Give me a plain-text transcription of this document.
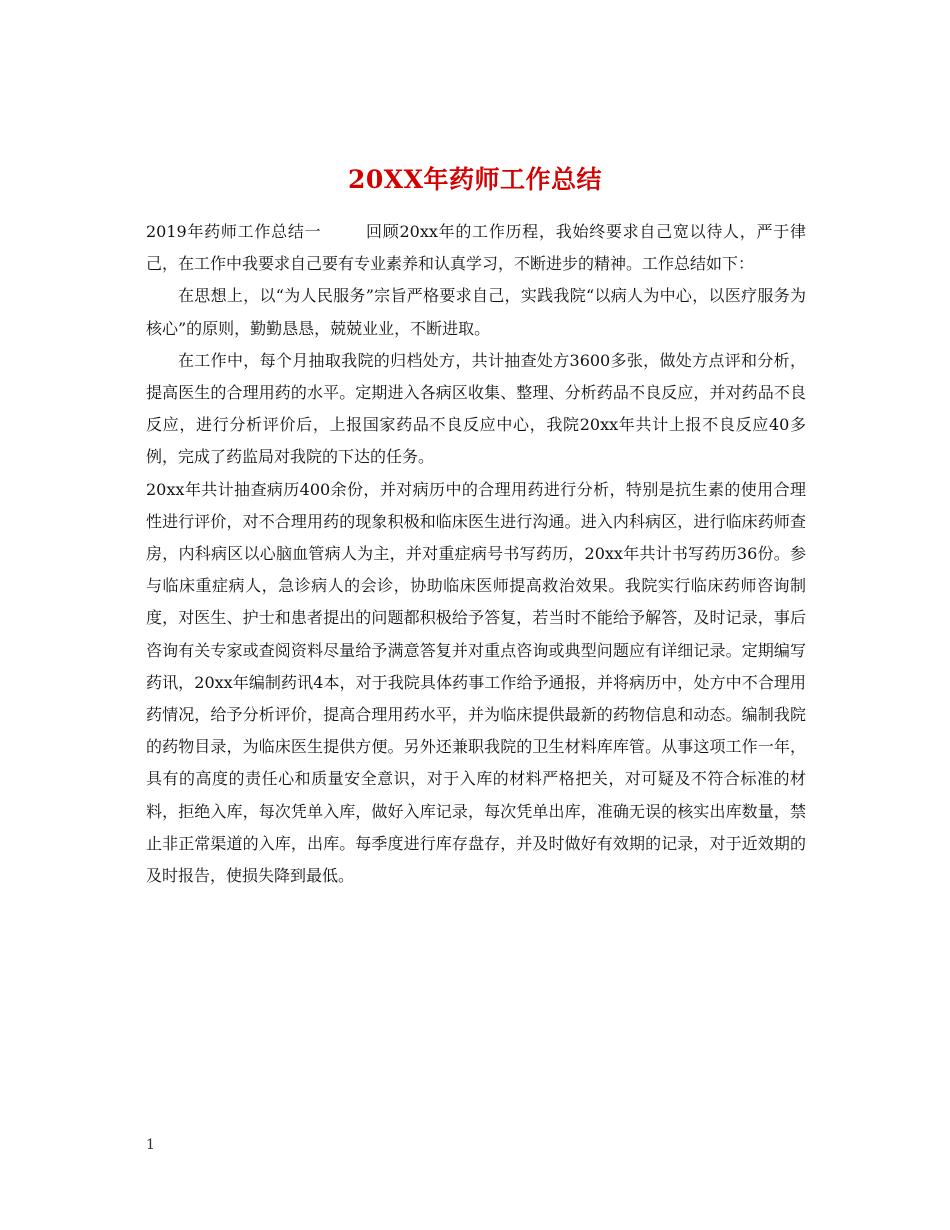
20XX年药师工作总结

2019年药师工作总结一	回顾20xx年的工作历程，我始终要求自己宽以待人，严于律己，在工作中我要求自己要有专业素养和认真学习，不断进步的精神。工作总结如下：

在思想上，以“为人民服务”宗旨严格要求自己，实践我院“以病人为中心，以医疗服务为核心”的原则，勤勤恳恳，兢兢业业，不断进取。

在工作中，每个月抽取我院的归档处方，共计抽查处方3600多张，做处方点评和分析，提高医生的合理用药的水平。定期进入各病区收集、整理、分析药品不良反应，并对药品不良反应，进行分析评价后，上报国家药品不良反应中心，我院20xx年共计上报不良反应40多例，完成了药监局对我院的下达的任务。

20xx年共计抽查病历400余份，并对病历中的合理用药进行分析，特别是抗生素的使用合理性进行评价，对不合理用药的现象积极和临床医生进行沟通。进入内科病区，进行临床药师查房，内科病区以心脑血管病人为主，并对重症病号书写药历，20xx年共计书写药历36份。参与临床重症病人，急诊病人的会诊，协助临床医师提高救治效果。我院实行临床药师咨询制度，对医生、护士和患者提出的问题都积极给予答复，若当时不能给予解答，及时记录，事后咨询有关专家或查阅资料尽量给予满意答复并对重点咨询或典型问题应有详细记录。定期编写药讯，20xx年编制药讯4本，对于我院具体药事工作给予通报，并将病历中，处方中不合理用药情况，给予分析评价，提高合理用药水平，并为临床提供最新的药物信息和动态。编制我院的药物目录，为临床医生提供方便。另外还兼职我院的卫生材料库库管。从事这项工作一年，具有的高度的责任心和质量安全意识，对于入库的材料严格把关，对可疑及不符合标准的材料，拒绝入库，每次凭单入库，做好入库记录，每次凭单出库，准确无误的核实出库数量，禁止非正常渠道的入库，出库。每季度进行库存盘存，并及时做好有效期的记录，对于近效期的及时报告，使损失降到最低。

1
